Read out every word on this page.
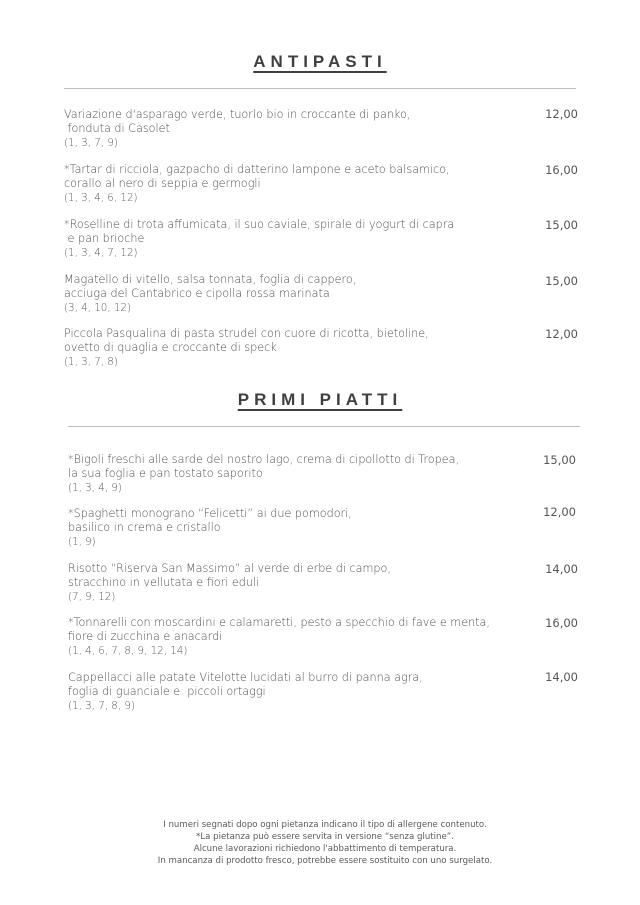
ANTIPASTI
Variazione d'asparago verde, tuorlo bio in croccante di panko,
fonduta di Casolet
(1, 3, 7, 9)
12,00
*Tartar di ricciola, gazpacho di datterino lampone e aceto balsamico,
corallo al nero di seppia e germogli
(1, 3, 4, 6, 12)
16,00
*Roselline di trota affumicata, il suo caviale, spirale di yogurt di capra
e pan brioche
(1, 3, 4, 7, 12)
15,00
Magatello di vitello, salsa tonnata, foglia di cappero,
acciuga del Cantabrico e cipolla rossa marinata
(3, 4, 10, 12)
15,00
Piccola Pasqualina di pasta strudel con cuore di ricotta, bietoline,
ovetto di quaglia e croccante di speck
(1, 3, 7, 8)
12,00
PRIMI PIATTI
*Bigoli freschi alle sarde del nostro lago, crema di cipollotto di Tropea,
la sua foglia e pan tostato saporito
(1, 3, 4, 9)
15,00
*Spaghetti monograno “Felicetti” ai due pomodori,
basilico in crema e cristallo
(1, 9)
12,00
Risotto “Riserva San Massimo” al verde di erbe di campo,
stracchino in vellutata e fiori eduli
(7, 9, 12)
14,00
*Tonnarelli con moscardini e calamaretti, pesto a specchio di fave e menta,
fiore di zucchina e anacardi
(1, 4, 6, 7, 8, 9, 12, 14)
16,00
Cappellacci alle patate Vitelotte lucidati al burro di panna agra,
foglia di guanciale e  piccoli ortaggi
(1, 3, 7, 8, 9)
14,00
I numeri segnati dopo ogni pietanza indicano il tipo di allergene contenuto.
*La pietanza può essere servita in versione “senza glutine”.
Alcune lavorazioni richiedono l'abbattimento di temperatura.
In mancanza di prodotto fresco, potrebbe essere sostituito con uno surgelato.
